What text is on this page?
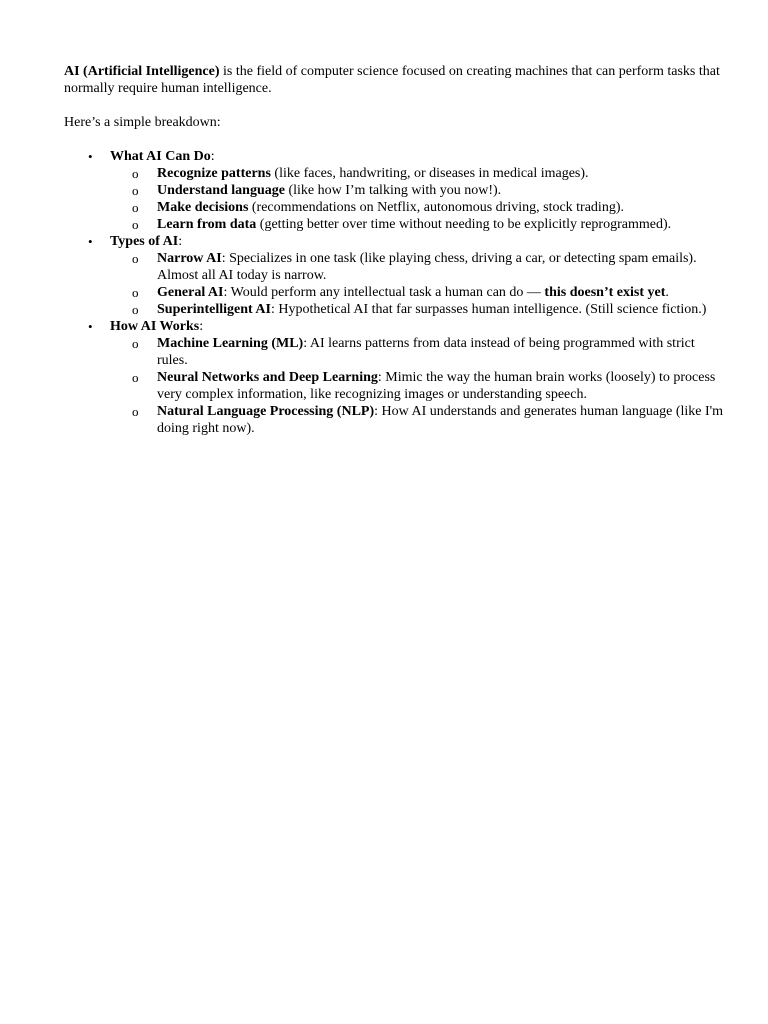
AI (Artificial Intelligence) is the field of computer science focused on creating machines that can perform tasks that normally require human intelligence.

Here’s a simple breakdown:

• What AI Can Do:
o Recognize patterns (like faces, handwriting, or diseases in medical images).
o Understand language (like how I’m talking with you now!).
o Make decisions (recommendations on Netflix, autonomous driving, stock trading).
o Learn from data (getting better over time without needing to be explicitly reprogrammed).
• Types of AI:
o Narrow AI: Specializes in one task (like playing chess, driving a car, or detecting spam emails). Almost all AI today is narrow.
o General AI: Would perform any intellectual task a human can do — this doesn’t exist yet.
o Superintelligent AI: Hypothetical AI that far surpasses human intelligence. (Still science fiction.)
• How AI Works:
o Machine Learning (ML): AI learns patterns from data instead of being programmed with strict rules.
o Neural Networks and Deep Learning: Mimic the way the human brain works (loosely) to process very complex information, like recognizing images or understanding speech.
o Natural Language Processing (NLP): How AI understands and generates human language (like I'm doing right now).
